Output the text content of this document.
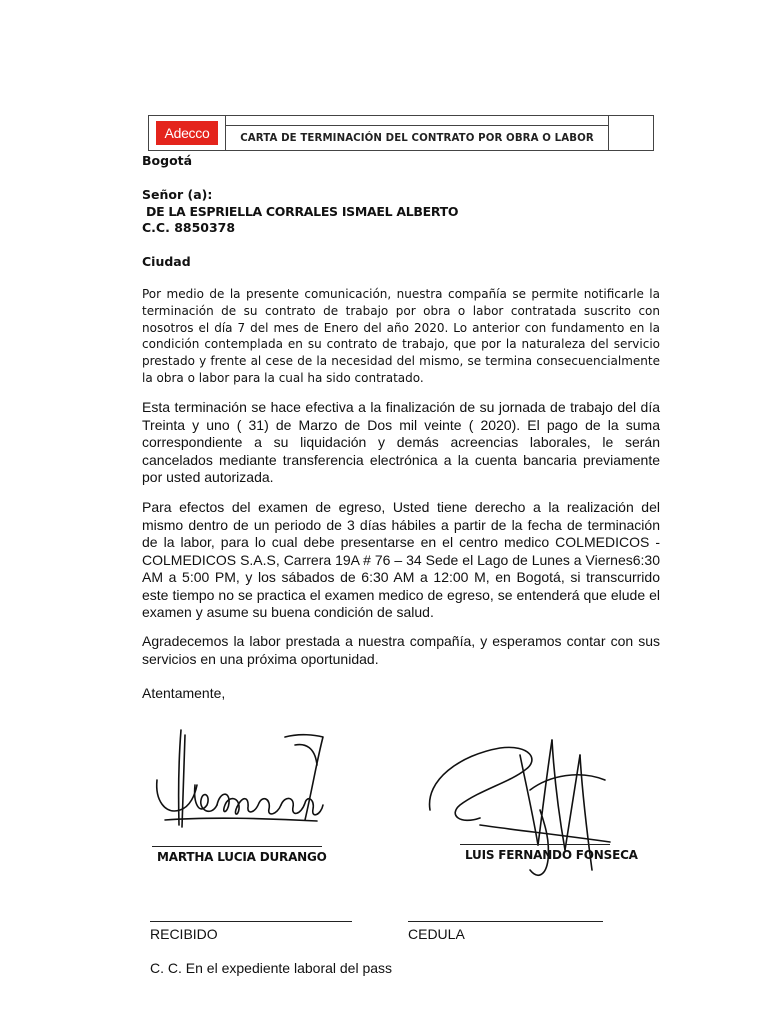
Adecco	CARTA DE TERMINACIÓN DEL CONTRATO POR OBRA O LABOR
Bogotá
Señor (a):
DE LA ESPRIELLA CORRALES ISMAEL ALBERTO
C.C. 8850378
Ciudad
Por medio de la presente comunicación, nuestra compañía se permite notificarle la terminación de su contrato de trabajo por obra o labor contratada suscrito con nosotros el día 7 del mes de Enero del año 2020. Lo anterior con fundamento en la condición contemplada en su contrato de trabajo, que por la naturaleza del servicio prestado y frente al cese de la necesidad del mismo, se termina consecuencialmente la obra o labor para la cual ha sido contratado.
Esta terminación se hace efectiva a la finalización de su jornada de trabajo del día Treinta y uno ( 31) de Marzo de Dos mil veinte ( 2020). El pago de la suma correspondiente a su liquidación y demás acreencias laborales, le serán cancelados mediante transferencia electrónica a la cuenta bancaria previamente por usted autorizada.
Para efectos del examen de egreso, Usted tiene derecho a la realización del mismo dentro de un periodo de 3 días hábiles a partir de la fecha de terminación de la labor, para lo cual debe presentarse en el centro medico COLMEDICOS - COLMEDICOS S.A.S, Carrera 19A # 76 – 34 Sede el Lago de Lunes a Viernes6:30 AM a 5:00 PM, y los sábados de 6:30 AM a 12:00 M, en Bogotá, si transcurrido este tiempo no se practica el examen medico de egreso, se entenderá que elude el examen y asume su buena condición de salud.
Agradecemos la labor prestada a nuestra compañía, y esperamos contar con sus servicios en una próxima oportunidad.
Atentamente,
MARTHA LUCIA DURANGO	LUIS FERNANDO FONSECA
RECIBIDO	CEDULA
C. C. En el expediente laboral del pass
